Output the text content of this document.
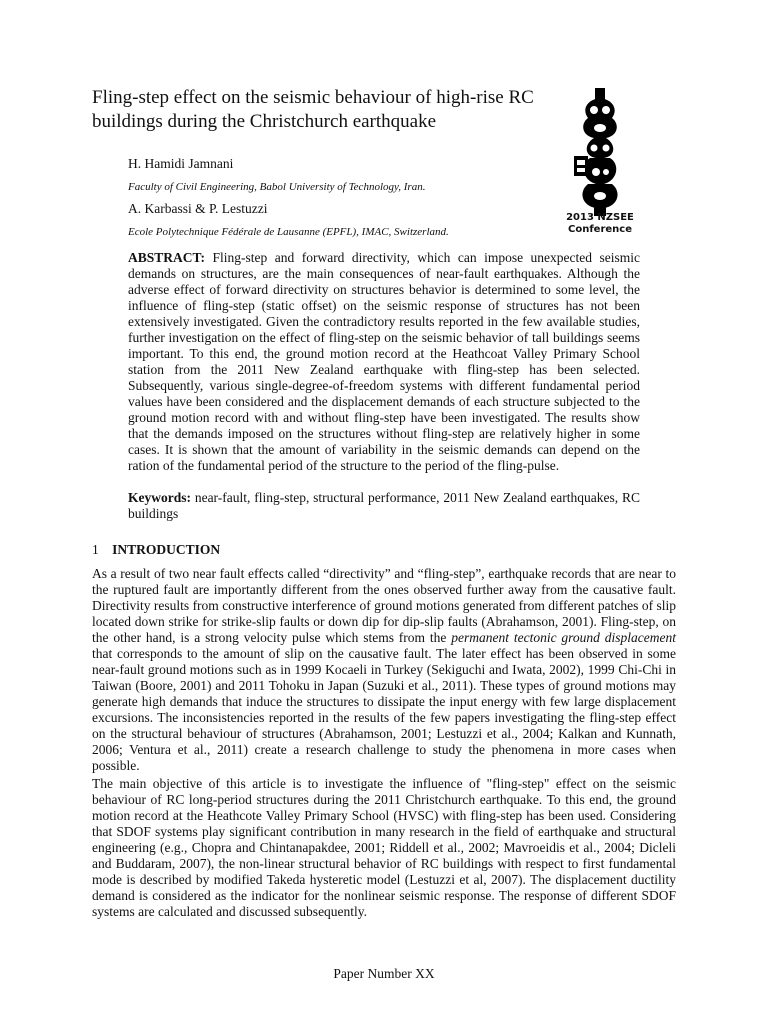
Fling-step effect on the seismic behaviour of high-rise RC buildings during the Christchurch earthquake
H. Hamidi Jamnani
Faculty of Civil Engineering, Babol University of Technology, Iran.
A. Karbassi & P. Lestuzzi
Ecole Polytechnique Fédérale de Lausanne (EPFL), IMAC, Switzerland.
2013 NZSEE
Conference

ABSTRACT: Fling-step and forward directivity, which can impose unexpected seismic demands on structures, are the main consequences of near-fault earthquakes. Although the adverse effect of forward directivity on structures behavior is determined to some level, the influence of fling-step (static offset) on the seismic response of structures has not been extensively investigated. Given the contradictory results reported in the few available studies, further investigation on the effect of fling-step on the seismic behavior of tall buildings seems important. To this end, the ground motion record at the Heathcoat Valley Primary School station from the 2011 New Zealand earthquake with fling-step has been selected. Subsequently, various single-degree-of-freedom systems with different fundamental period values have been considered and the displacement demands of each structure subjected to the ground motion record with and without fling-step have been investigated. The results show that the demands imposed on the structures without fling-step are relatively higher in some cases. It is shown that the amount of variability in the seismic demands can depend on the ration of the fundamental period of the structure to the period of the fling-pulse.

Keywords: near-fault, fling-step, structural performance, 2011 New Zealand earthquakes, RC buildings

1 INTRODUCTION

As a result of two near fault effects called “directivity” and “fling-step”, earthquake records that are near to the ruptured fault are importantly different from the ones observed further away from the causative fault. Directivity results from constructive interference of ground motions generated from different patches of slip located down strike for strike-slip faults or down dip for dip-slip faults (Abrahamson, 2001). Fling-step, on the other hand, is a strong velocity pulse which stems from the permanent tectonic ground displacement that corresponds to the amount of slip on the causative fault. The later effect has been observed in some near-fault ground motions such as in 1999 Kocaeli in Turkey (Sekiguchi and Iwata, 2002), 1999 Chi-Chi in Taiwan (Boore, 2001) and 2011 Tohoku in Japan (Suzuki et al., 2011). These types of ground motions may generate high demands that induce the structures to dissipate the input energy with few large displacement excursions. The inconsistencies reported in the results of the few papers investigating the fling-step effect on the structural behaviour of structures (Abrahamson, 2001; Lestuzzi et al., 2004; Kalkan and Kunnath, 2006; Ventura et al., 2011) create a research challenge to study the phenomena in more cases when possible.

The main objective of this article is to investigate the influence of "fling-step" effect on the seismic behaviour of RC long-period structures during the 2011 Christchurch earthquake. To this end, the ground motion record at the Heathcote Valley Primary School (HVSC) with fling-step has been used. Considering that SDOF systems play significant contribution in many research in the field of earthquake and structural engineering (e.g., Chopra and Chintanapakdee, 2001; Riddell et al., 2002; Mavroeidis et al., 2004; Dicleli and Buddaram, 2007), the non-linear structural behavior of RC buildings with respect to first fundamental mode is described by modified Takeda hysteretic model (Lestuzzi et al, 2007). The displacement ductility demand is considered as the indicator for the nonlinear seismic response. The response of different SDOF systems are calculated and discussed subsequently.

Paper Number XX
